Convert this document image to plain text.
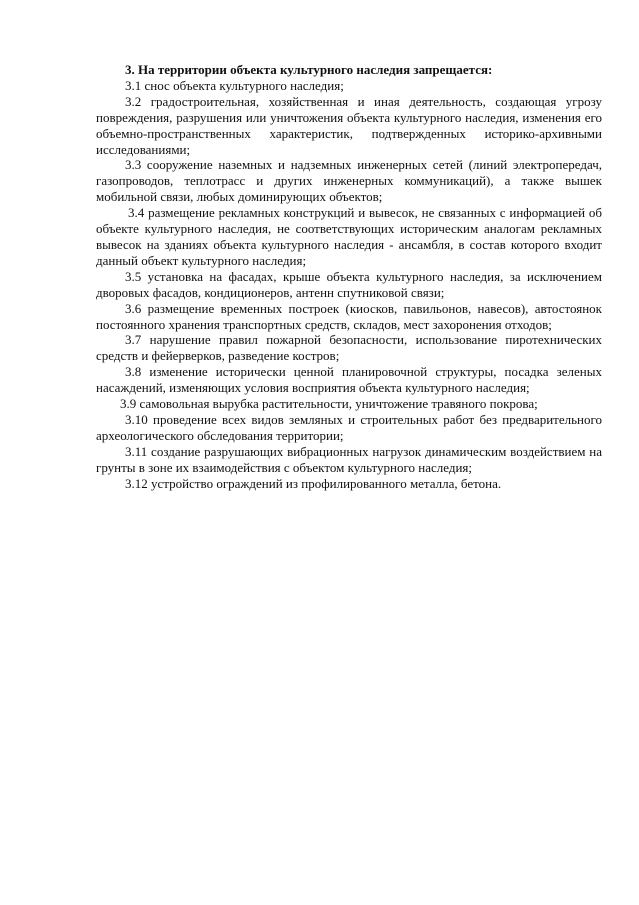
3. На территории объекта культурного наследия запрещается:

3.1 снос объекта культурного наследия;

3.2 градостроительная, хозяйственная и иная деятельность, создающая угрозу повреждения, разрушения или уничтожения объекта культурного наследия, изменения его объемно-пространственных характеристик, подтвержденных историко-архивными исследованиями;

3.3 сооружение наземных и надземных инженерных сетей (линий электропередач, газопроводов, теплотрасс и других инженерных коммуникаций), а также вышек мобильной связи, любых доминирующих объектов;

3.4 размещение рекламных конструкций и вывесок, не связанных с информацией об объекте культурного наследия, не соответствующих историческим аналогам рекламных вывесок на зданиях объекта культурного наследия - ансамбля, в состав которого входит данный объект культурного наследия;

3.5 установка на фасадах, крыше объекта культурного наследия, за исключением дворовых фасадов, кондиционеров, антенн спутниковой связи;

3.6 размещение временных построек (киосков, павильонов, навесов), автостоянок постоянного хранения транспортных средств, складов, мест захоронения отходов;

3.7 нарушение правил пожарной безопасности, использование пиротехнических средств и фейерверков, разведение костров;

3.8 изменение исторически ценной планировочной структуры, посадка зеленых насаждений, изменяющих условия восприятия объекта культурного наследия;

3.9 самовольная вырубка растительности, уничтожение травяного покрова;

3.10 проведение всех видов земляных и строительных работ без предварительного археологического обследования территории;

3.11 создание разрушающих вибрационных нагрузок динамическим воздействием на грунты в зоне их взаимодействия с объектом культурного наследия;

3.12 устройство ограждений из профилированного металла, бетона.
